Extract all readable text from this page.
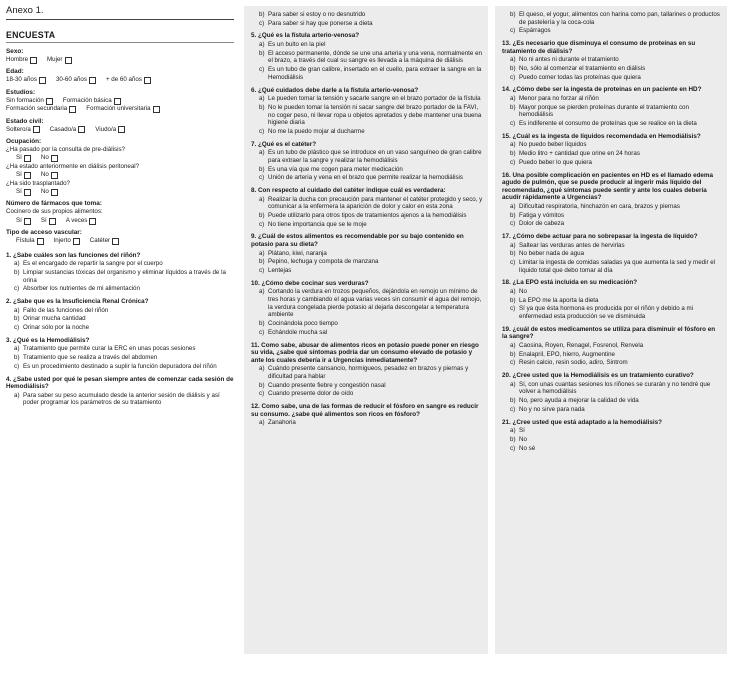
Anexo 1.
ENCUESTA
Sexo:
Hombre	Mujer
Edad:
18-30 años	30-60 años	+ de 60 años
Estudios:
Sin formación	Formación básica
Formación secundaria	Formación universitaria
Estado civil:
Soltero/a	Casado/a	Viudo/a
Ocupación:
¿Ha pasado por la consulta de pre-diálisis?
Sí	No
¿Ha estado anteriormente en diálisis peritoneal?
Sí	No
¿Ha sido trasplantado?
Sí	No
Número de fármacos que toma:
Cocinero de sus propios alimentos:
Sí	Sí	A veces
Tipo de acceso vascular:
Fístula	Injerto	Catéter
1. ¿Sabe cuáles son las funciones del riñón?
a) Es el encargado de repartir la sangre por el cuerpo
b) Limpiar sustancias tóxicas del organismo y eliminar líquidos a través de la orina
c) Absorber los nutrientes de mi alimentación
2. ¿Sabe que es la Insuficiencia Renal Crónica?
a) Fallo de las funciones del riñón
b) Orinar mucha cantidad
c) Orinar sólo por la noche
3. ¿Qué es la Hemodiálisis?
a) Tratamiento que permite curar la ERC en unas pocas sesiones
b) Tratamiento que se realiza a través del abdomen
c) Es un procedimiento destinado a suplir la función depuradora del riñón
4. ¿Sabe usted por qué le pesan siempre antes de comenzar cada sesión de Hemodiálisis?
a) Para saber su peso acumulado desde la anterior sesión de diálisis y así poder programar los parámetros de su tratamiento
b) Para saber si estoy o no desnutrido
c) Para saber si hay que ponerse a dieta
5. ¿Qué es la fístula arterio-venosa?
a) Es un bulto en la piel
b) El acceso permanente, dónde se une una arteria y una vena, normalmente en el brazo, a través del cual su sangre es llevada a la máquina de diálisis
c) Es un tubo de gran calibre, insertado en el cuello, para extraer la sangre en la Hemodiálisis
6. ¿Qué cuidados debe darle a la fístula arterio-venosa?
a) Le pueden tomar la tensión y sacarle sangre en el brazo portador de la fístula
b) No le pueden tomar la tensión ni sacar sangre del brazo portador de la FAVI, no coger peso, ni llevar ropa u objetos apretados y debe mantener una buena higiene diaria
c) No me la puedo mojar al ducharme
7. ¿Qué es el catéter?
a) Es un tubo de plástico que se introduce en un vaso sanguíneo de gran calibre para extraer la sangre y realizar la hemodiálisis
b) Es una vía que me cogen para meter medicación
c) Unión de arteria y vena en el brazo que permite realizar la hemodiálisis
8. Con respecto al cuidado del catéter indique cuál es verdadera:
a) Realizar la ducha con precaución para mantener el catéter protegido y seco, y comunicar a la enfermera la aparición de dolor y calor en esta zona
b) Puede utilizarlo para otros tipos de tratamientos ajenos a la hemodiálisis
c) No tiene importancia que se le moje
9. ¿Cuál de estos alimentos es recomendable por su bajo contenido en potasio para su dieta?
a) Plátano, kiwi, naranja
b) Pepino, lechuga y compota de manzana
c) Lentejas
10. ¿Cómo debe cocinar sus verduras?
a) Cortando la verdura en trozos pequeños, dejándola en remojo un mínimo de tres horas y cambiando el agua varias veces sin consumir el agua del remojo, la verdura congelada pierde potasio al dejarla descongelar a temperatura ambiente
b) Cocinándola poco tiempo
c) Echándole mucha sal
11. Como sabe, abusar de alimentos ricos en potasio puede poner en riesgo su vida, ¿sabe qué síntomas podría dar un consumo elevado de potasio y ante los cuales debería ir a Urgencias inmediatamente?
a) Cuándo presente cansancio, hormigueos, pesadez en brazos y piernas y dificultad para hablar
b) Cuando presente fiebre y congestión nasal
c) Cuando presente dolor de oído
12. Como sabe, una de las formas de reducir el fósforo en sangre es reducir su consumo. ¿sabe qué alimentos son ricos en fósforo?
a) Zanahoria
b) El queso, el yogur, alimentos con harina como pan, tallarines o productos de pastelería y la coca-cola
c) Espárragos
13. ¿Es necesario que disminuya el consumo de proteínas en su tratamiento de diálisis?
a) No ni antes ni durante el tratamiento
b) No, sólo al comenzar el tratamiento en diálisis
c) Puedo comer todas las proteínas que quiera
14. ¿Cómo debe ser la ingesta de proteínas en un paciente en HD?
a) Menor para no forzar al riñón
b) Mayor porque se pierden proteínas durante el tratamiento con hemodiálisis
c) Es indiferente el consumo de proteínas que se realice en la dieta
15. ¿Cuál es la ingesta de líquidos recomendada en Hemodiálisis?
a) No puedo beber líquidos
b) Medio litro + cantidad que orine en 24 horas
c) Puedo beber lo que quiera
16. Una posible complicación en pacientes en HD es el llamado edema agudo de pulmón, que se puede producir al ingerir más líquido del recomendado, ¿qué síntomas puede sentir y ante los cuales debería acudir rápidamente a Urgencias?
a) Dificultad respiratoria, hinchazón en cara, brazos y piernas
b) Fatiga y vómitos
c) Dolor de cabeza
17. ¿Cómo debe actuar para no sobrepasar la ingesta de líquido?
a) Saltear las verduras antes de hervirlas
b) No beber nada de agua
c) Limitar la ingesta de comidas saladas ya que aumenta la sed y medir el líquido total que debo tomar al día
18. ¿La EPO está incluida en su medicación?
a) No
b) La EPO me la aporta la dieta
c) Sí ya que ésta hormona es producida por el riñón y debido a mi enfermedad esta producción se ve disminuida
19. ¿cuál de estos medicamentos se utiliza para disminuir el fósforo en la sangre?
a) Caosina, Royen, Renagel, Fosrenol, Renvela
b) Enalapril, EPO, hierro, Augmentine
c) Resin calcio, resin sodio, adiro, Sintrom
20. ¿Cree usted que la Hemodiálisis es un tratamiento curativo?
a) Sí, con unas cuantas sesiones los riñones se curarán y no tendré que volver a hemodiálisis
b) No, pero ayuda a mejorar la calidad de vida
c) No y no sirve para nada
21. ¿Cree usted que está adaptado a la hemodiálisis?
a) Sí
b) No
c) No sé
